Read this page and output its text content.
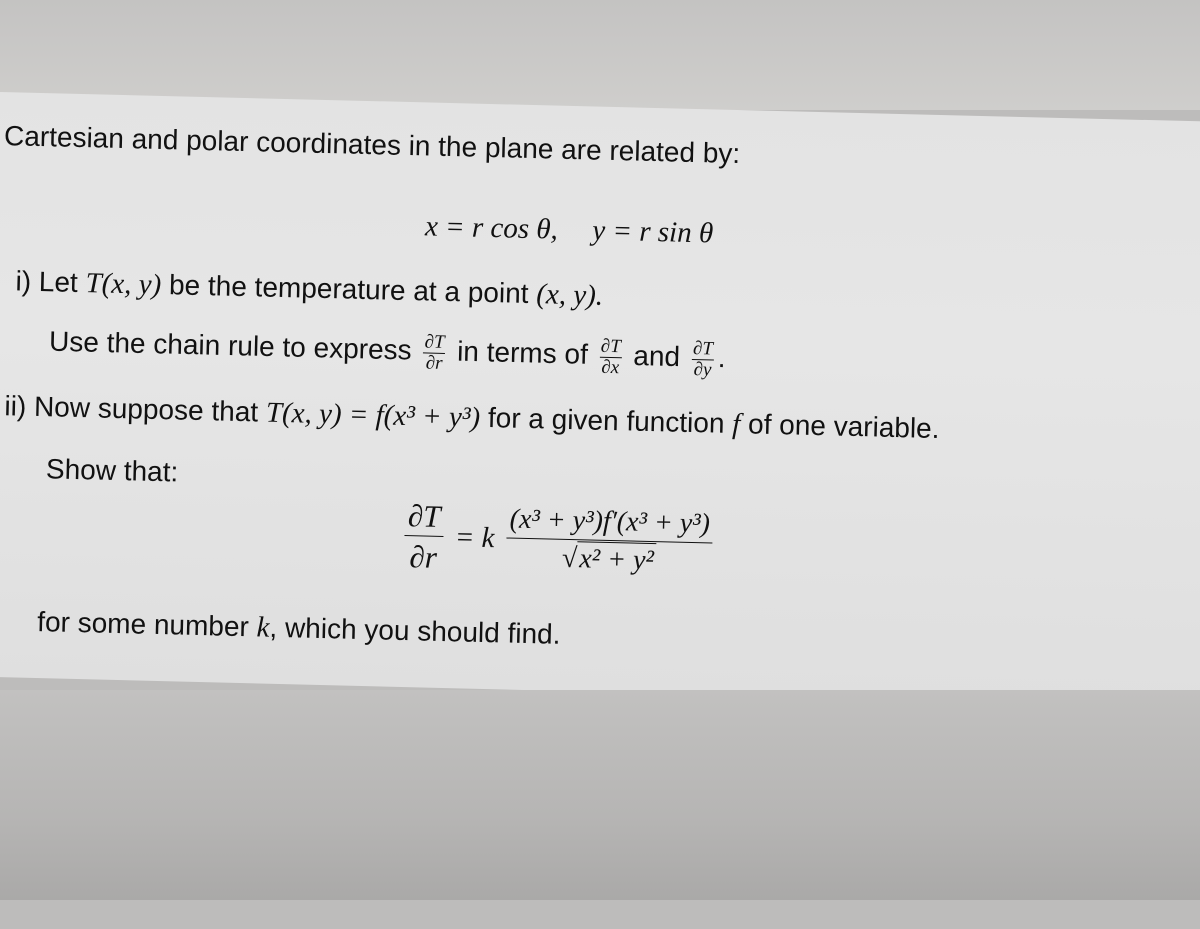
Cartesian and polar coordinates in the plane are related by:
x = r cos θ, y = r sin θ
i) Let T(x, y) be the temperature at a point (x, y).
Use the chain rule to express $\frac{\partial T}{\partial r}$ in terms of $\frac{\partial T}{\partial x}$ and $\frac{\partial T}{\partial y}$ .
ii) Now suppose that T(x, y) = f(x³ + y³) for a given function f of one variable.
Show that:
$\frac{\partial T}{\partial r} = k \frac{\text{(x³ + y³)f′(x³ + y³)}}{\text{√x² + y²}}$
for some number k, which you should find.
